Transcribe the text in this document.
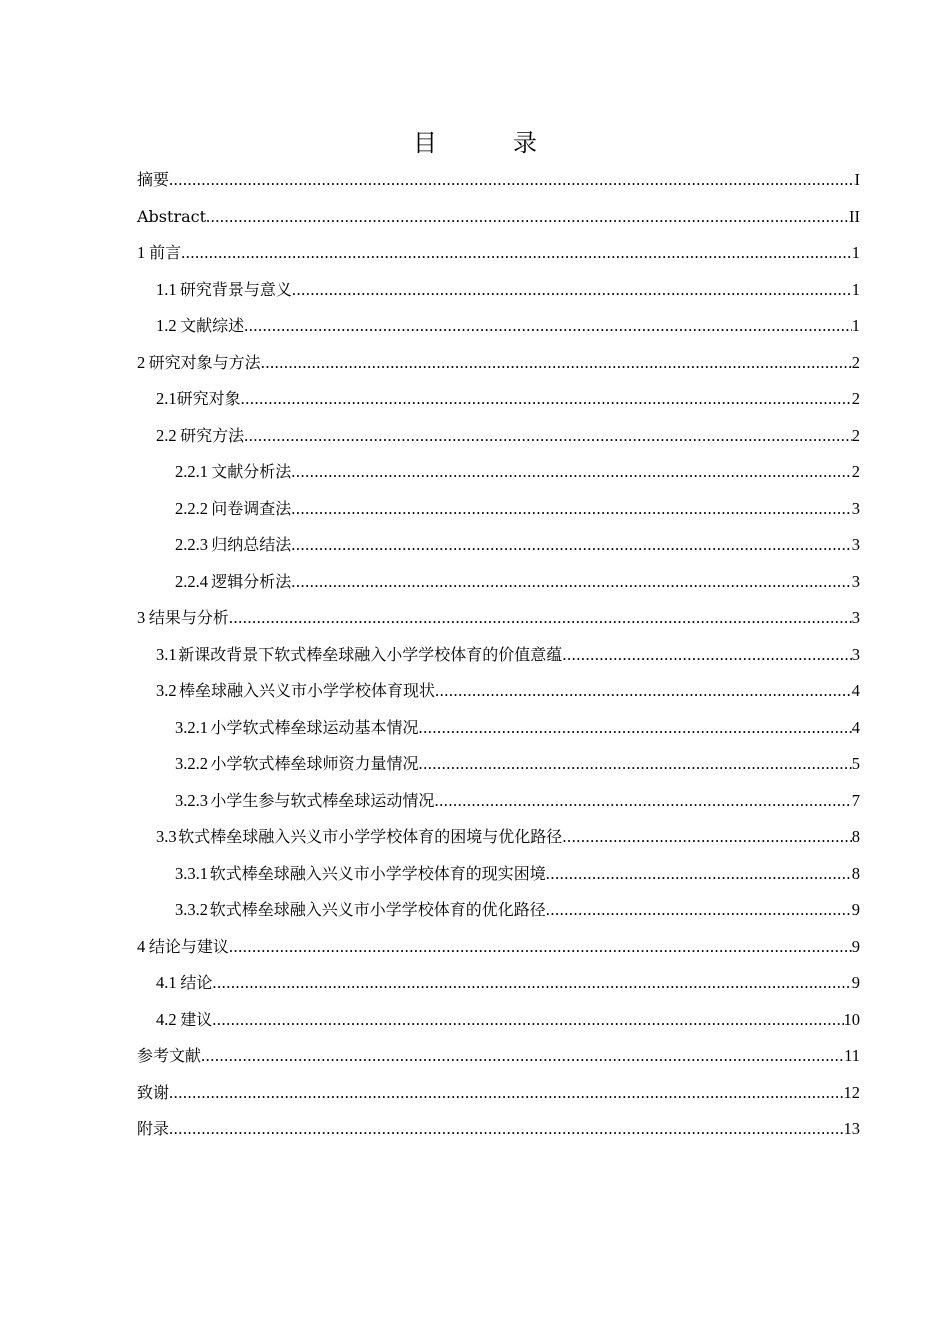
目　录
摘要 .....	I
Abstract .....	II
1 前言 .....	1
1.1 研究背景与意义 .....	1
1.2 文献综述 .....	1
2 研究对象与方法 .....	2
2.1 研究对象 .....	2
2.2 研究方法 .....	2
2.2.1 文献分析法 .....	2
2.2.2 问卷调查法 .....	3
2.2.3 归纳总结法 .....	3
2.2.4 逻辑分析法 .....	3
3 结果与分析 .....	3
3.1 新课改背景下软式棒垒球融入小学学校体育的价值意蕴 .....	3
3.2 棒垒球融入兴义市小学学校体育现状 .....	4
3.2.1 小学软式棒垒球运动基本情况 .....	4
3.2.2 小学软式棒垒球师资力量情况 .....	5
3.2.3 小学生参与软式棒垒球运动情况 .....	7
3.3 软式棒垒球融入兴义市小学学校体育的困境与优化路径 .....	8
3.3.1 软式棒垒球融入兴义市小学学校体育的现实困境 .....	8
3.3.2 软式棒垒球融入兴义市小学学校体育的优化路径 .....	9
4 结论与建议 .....	9
4.1 结论 .....	9
4.2 建议 .....	10
参考文献 .....	11
致谢 .....	12
附录 .....	13
